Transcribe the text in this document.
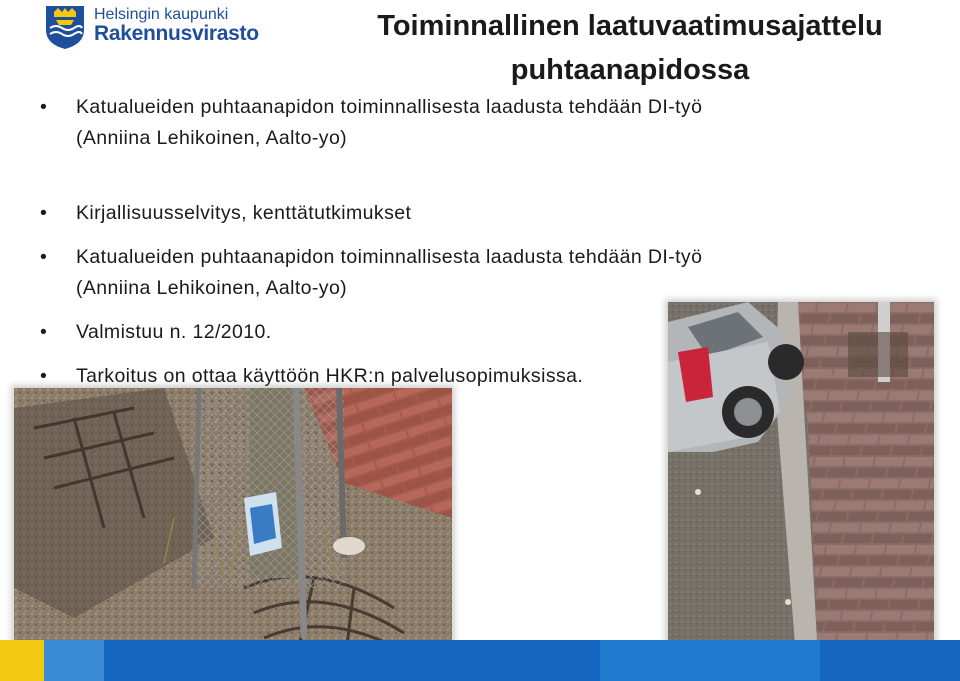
Helsingin kaupunki
Rakennusvirasto	Toiminnallinen laatuvaatimusajattelu
puhtaanapidossa
• Katualueiden puhtaanapidon toiminnallisesta laadusta tehdään DI-työ
(Anniina Lehikoinen, Aalto-yo)
• Kirjallisuusselvitys, kenttätutkimukset
• Katualueiden puhtaanapidon toiminnallisesta laadusta tehdään DI-työ
(Anniina Lehikoinen, Aalto-yo)
• Valmistuu n. 12/2010.
• Tarkoitus on ottaa käyttöön HKR:n palvelusopimuksissa.
